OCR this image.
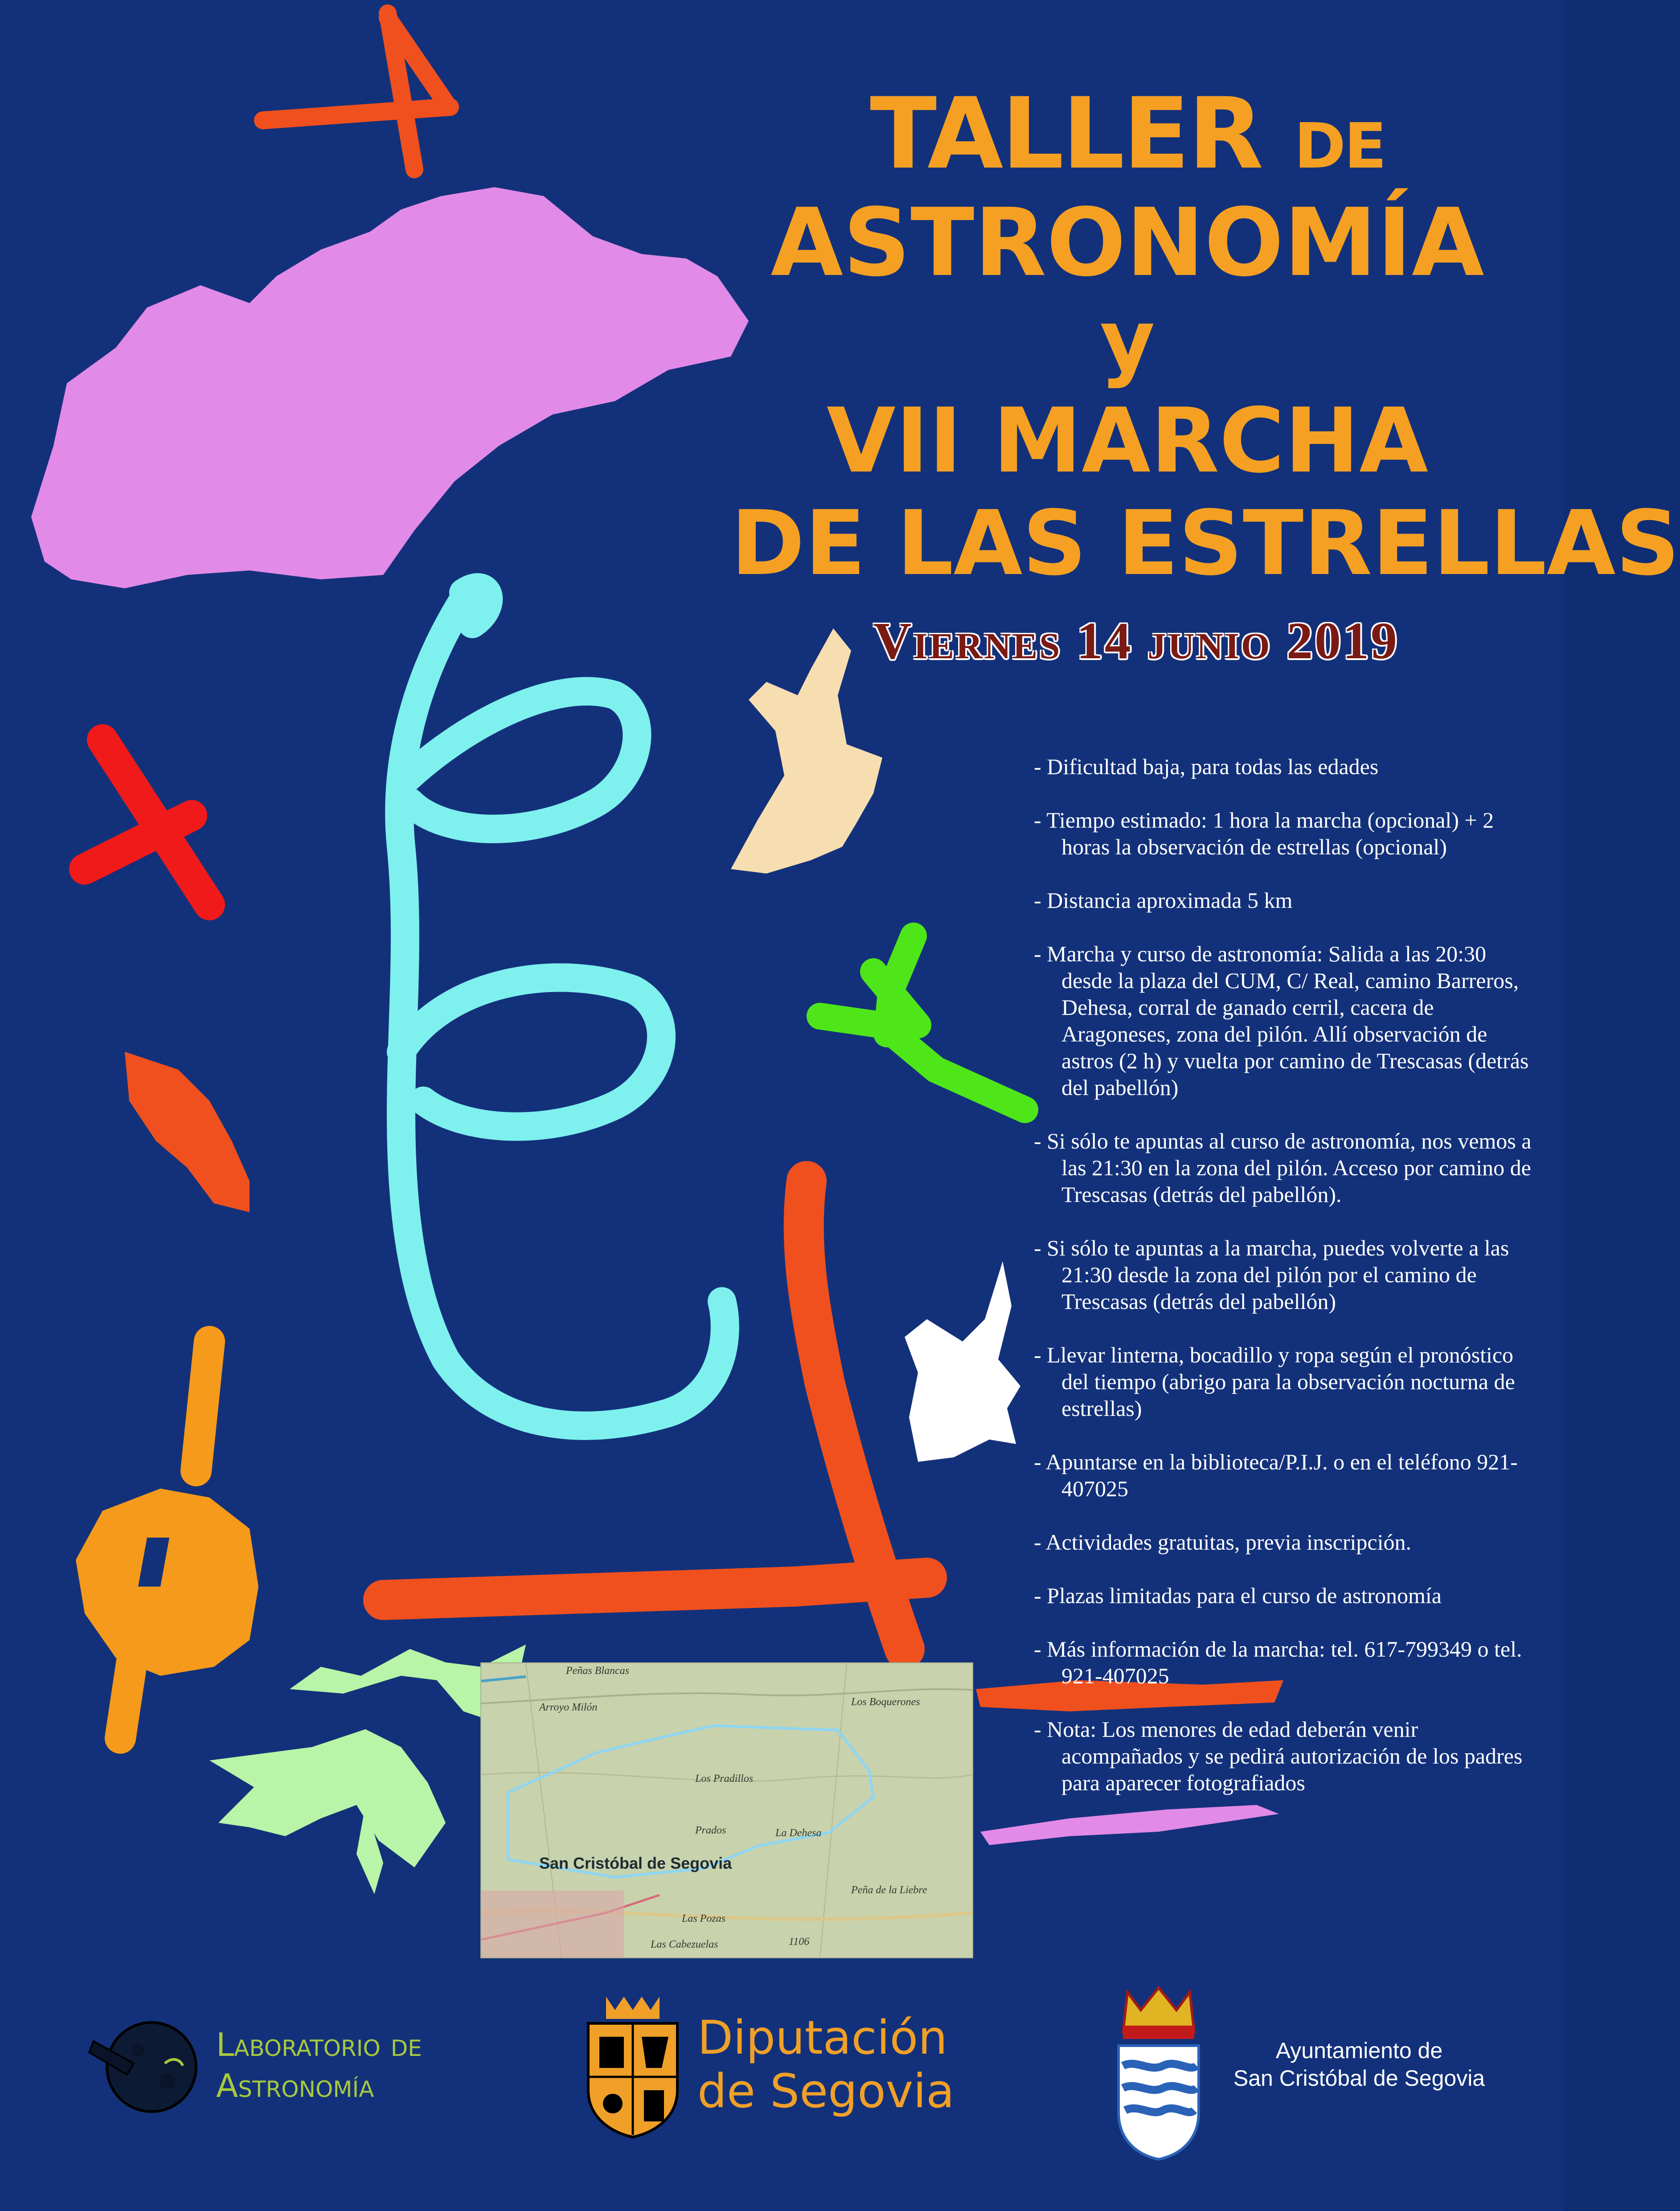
TALLER DE
ASTRONOMÍA
y
VII MARCHA
DE LAS ESTRELLAS
Viernes 14 junio 2019

- Dificultad baja, para todas las edades

- Tiempo estimado: 1 hora la marcha (opcional) + 2 horas la observación de estrellas (opcional)

- Distancia aproximada 5 km

- Marcha y curso de astronomía: Salida a las 20:30 desde la plaza del CUM, C/ Real, camino Barreros, Dehesa, corral de ganado cerril, cacera de Aragoneses, zona del pilón. Allí observación de astros (2 h) y vuelta por camino de Trescasas (detrás del pabellón)

- Si sólo te apuntas al curso de astronomía, nos vemos a las 21:30 en la zona del pilón. Acceso por camino de Trescasas (detrás del pabellón).

- Si sólo te apuntas a la marcha, puedes volverte a las 21:30 desde la zona del pilón por el camino de Trescasas (detrás del pabellón)

- Llevar linterna, bocadillo y ropa según el pronóstico del tiempo (abrigo para la observación nocturna de estrellas)

- Apuntarse en la biblioteca/P.I.J. o en el teléfono 921-407025

- Actividades gratuitas, previa inscripción.

- Plazas limitadas para el curso de astronomía

- Más información de la marcha: tel. 617-799349 o tel. 921-407025

- Nota: Los menores de edad deberán venir acompañados y se pedirá autorización de los padres para aparecer fotografiados

Peñas Blancas
Arroyo Milón	Los Boquerones
Los Pradillos
Prados	La Dehesa
Peña de la Liebre
Las Pozas
Las Cabezuelas	1106
San Cristóbal de Segovia
Laboratorio de
Astronomía
Diputación
de Segovia
Ayuntamiento de
San Cristóbal de Segovia
